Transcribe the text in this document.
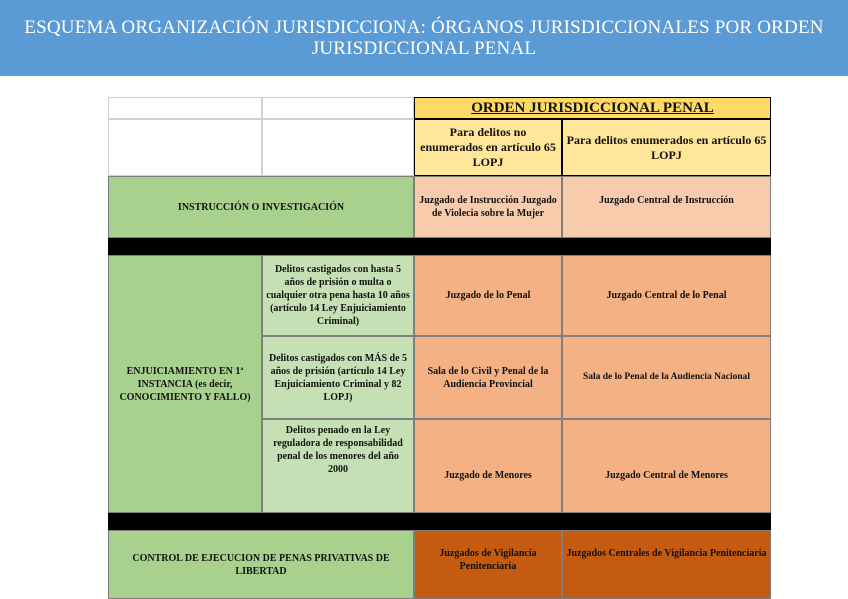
ESQUEMA ORGANIZACIÓN JURISDICCIONA: ÓRGANOS JURISDICCIONALES POR ORDEN JURISDICCIONAL PENAL
ORDEN JURISDICCIONAL PENAL
Para delitos no enumerados en artículo 65 LOPJ
Para delitos enumerados en artículo 65 LOPJ
INSTRUCCIÓN O INVESTIGACIÓN
Juzgado de Instrucción Juzgado de Violecia sobre la Mujer
Juzgado Central de Instrucción
ENJUICIAMIENTO EN 1ª INSTANCIA (es decir, CONOCIMIENTO Y FALLO)
Delitos castigados con hasta 5 años de prisión o multa o cualquier otra pena hasta 10 años (artículo 14 Ley Enjuiciamiento Criminal)
Juzgado de lo Penal	Juzgado Central de lo Penal
Delitos castigados con MÁS de 5 años de prisión (artículo 14 Ley Enjuiciamiento Criminal y 82 LOPJ)
Sala de lo Civil y Penal de la Audiencia Provincial
Sala de lo Penal de la Audiencia Nacional
Delitos penado en la Ley reguladora de responsabilidad penal de los menores del año 2000
Juzgado de Menores	Juzgado Central de Menores
CONTROL DE EJECUCION DE PENAS PRIVATIVAS DE LIBERTAD
Juzgados de Vigilancia Penitenciaria
Juzgados Centrales de Vigilancia Penitenciaria
